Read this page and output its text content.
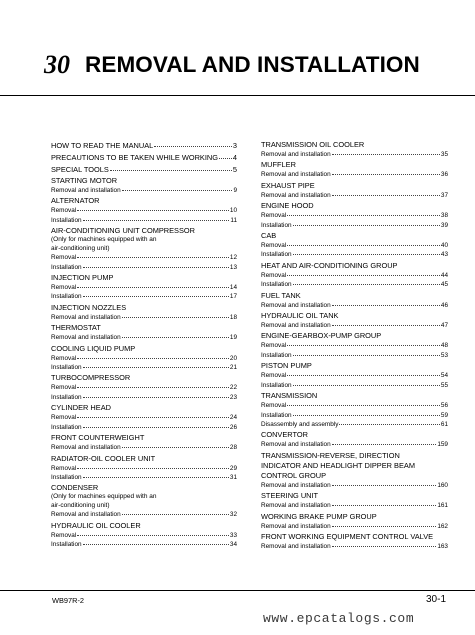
30 REMOVAL AND INSTALLATION
HOW TO READ THE MANUAL	3
PRECAUTIONS TO BE TAKEN WHILE WORKING 4
SPECIAL TOOLS	5
STARTING MOTOR
Removal and installation	9
ALTERNATOR
Removal	10
Installation	11
AIR-CONDITIONING UNIT COMPRESSOR
(Only for machines equipped with an
air-conditioning unit)
Removal	12
Installation	13
INJECTION PUMP
Removal	14
Installation	17
INJECTION NOZZLES
Removal and installation	18
THERMOSTAT
Removal and installation	19
COOLING LIQUID PUMP
Removal	20
Installation	21
TURBOCOMPRESSOR
Removal	22
Installation	23
CYLINDER HEAD
Removal	24
Installation	26
FRONT COUNTERWEIGHT
Removal and installation	28
RADIATOR-OIL COOLER UNIT
Removal	29
Installation	31
CONDENSER
(Only for machines equipped with an
air-conditioning unit)
Removal and installation	32
HYDRAULIC OIL COOLER
Removal	33
Installation	34
TRANSMISSION OIL COOLER
Removal and installation	35
MUFFLER
Removal and installation	36
EXHAUST PIPE
Removal and installation	37
ENGINE HOOD
Removal	38
Installation	39
CAB
Removal	40
Installation	43
HEAT AND AIR-CONDITIONING GROUP
Removal	44
Installation	45
FUEL TANK
Removal and installation	46
HYDRAULIC OIL TANK
Removal and installation	47
ENGINE-GEARBOX-PUMP GROUP
Removal	48
Installation	53
PISTON PUMP
Removal	54
Installation	55
TRANSMISSION
Removal	56
Installation	59
Disassembly and assembly	61
CONVERTOR
Removal and installation	159
TRANSMISSION-REVERSE, DIRECTION
INDICATOR AND HEADLIGHT DIPPER BEAM
CONTROL GROUP
Removal and installation	160
STEERING UNIT
Removal and installation	161
WORKING BRAKE PUMP GROUP
Removal and installation	162
FRONT WORKING EQUIPMENT CONTROL VALVE
Removal and installation	163
WB97R-2	30-1
www.epcatalogs.com
